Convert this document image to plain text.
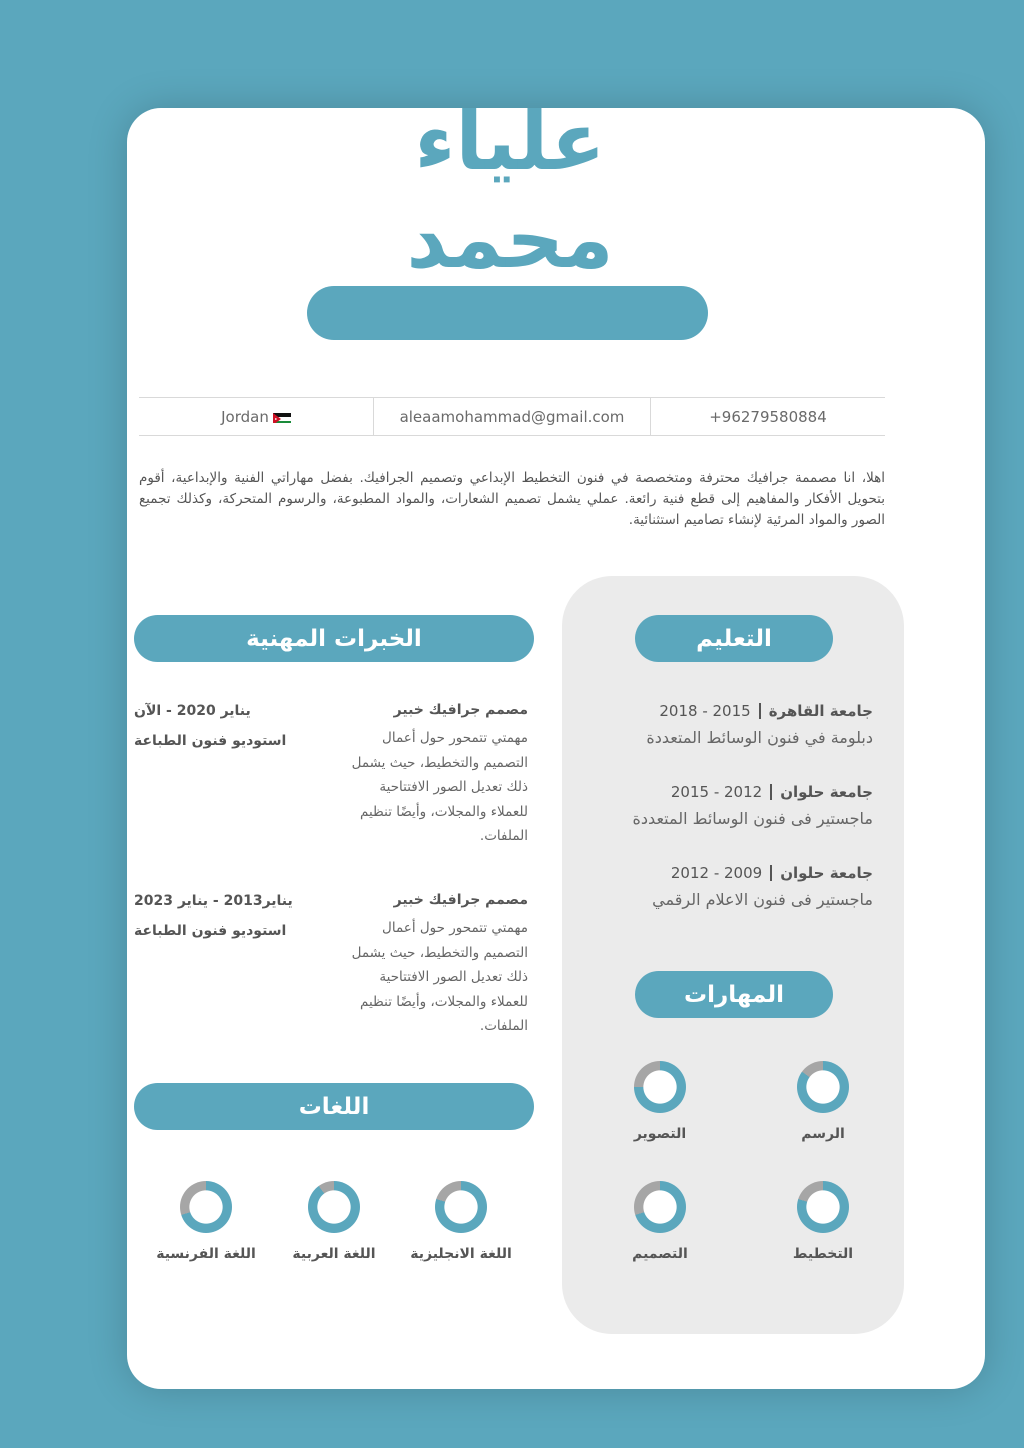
علياء
محمد
Jordan	aleaamohammad@gmail.com	+96279580884
اهلا، انا مصممة جرافيك محترفة ومتخصصة في فنون التخطيط الإبداعي وتصميم الجرافيك. بفضل مهاراتي الفنية والإبداعية، أقوم بتحويل الأفكار والمفاهيم إلى قطع فنية رائعة. عملي يشمل تصميم الشعارات، والمواد المطبوعة، والرسوم المتحركة، وكذلك تجميع الصور والمواد المرئية لإنشاء تصاميم استثنائية.
التعليم
جامعة القاهرة2015 - 2018
دبلومة في فنون الوسائط المتعددة
جامعة حلوان2012 - 2015
ماجستير فى فنون الوسائط المتعددة
جامعة حلوان2009 - 2012
ماجستير فى فنون الاعلام الرقمي
المهارات
الرسم
التصوير
التخطيط
التصميم
الخبرات المهنية
مصمم جرافيك خبير
مهمتي تتمحور حول أعمال
التصميم والتخطيط، حيث يشمل
ذلك تعديل الصور الافتتاحية
للعملاء والمجلات، وأيضًا تنظيم
الملفات.
يناير 2020 - الآن
استوديو فنون الطباعة
مصمم جرافيك خبير
مهمتي تتمحور حول أعمال
التصميم والتخطيط، حيث يشمل
ذلك تعديل الصور الافتتاحية
للعملاء والمجلات، وأيضًا تنظيم
الملفات.
يناير2013 - يناير 2023
استوديو فنون الطباعة
اللغات
اللغة الانجليزية
اللغة العربية
اللغة الفرنسية
